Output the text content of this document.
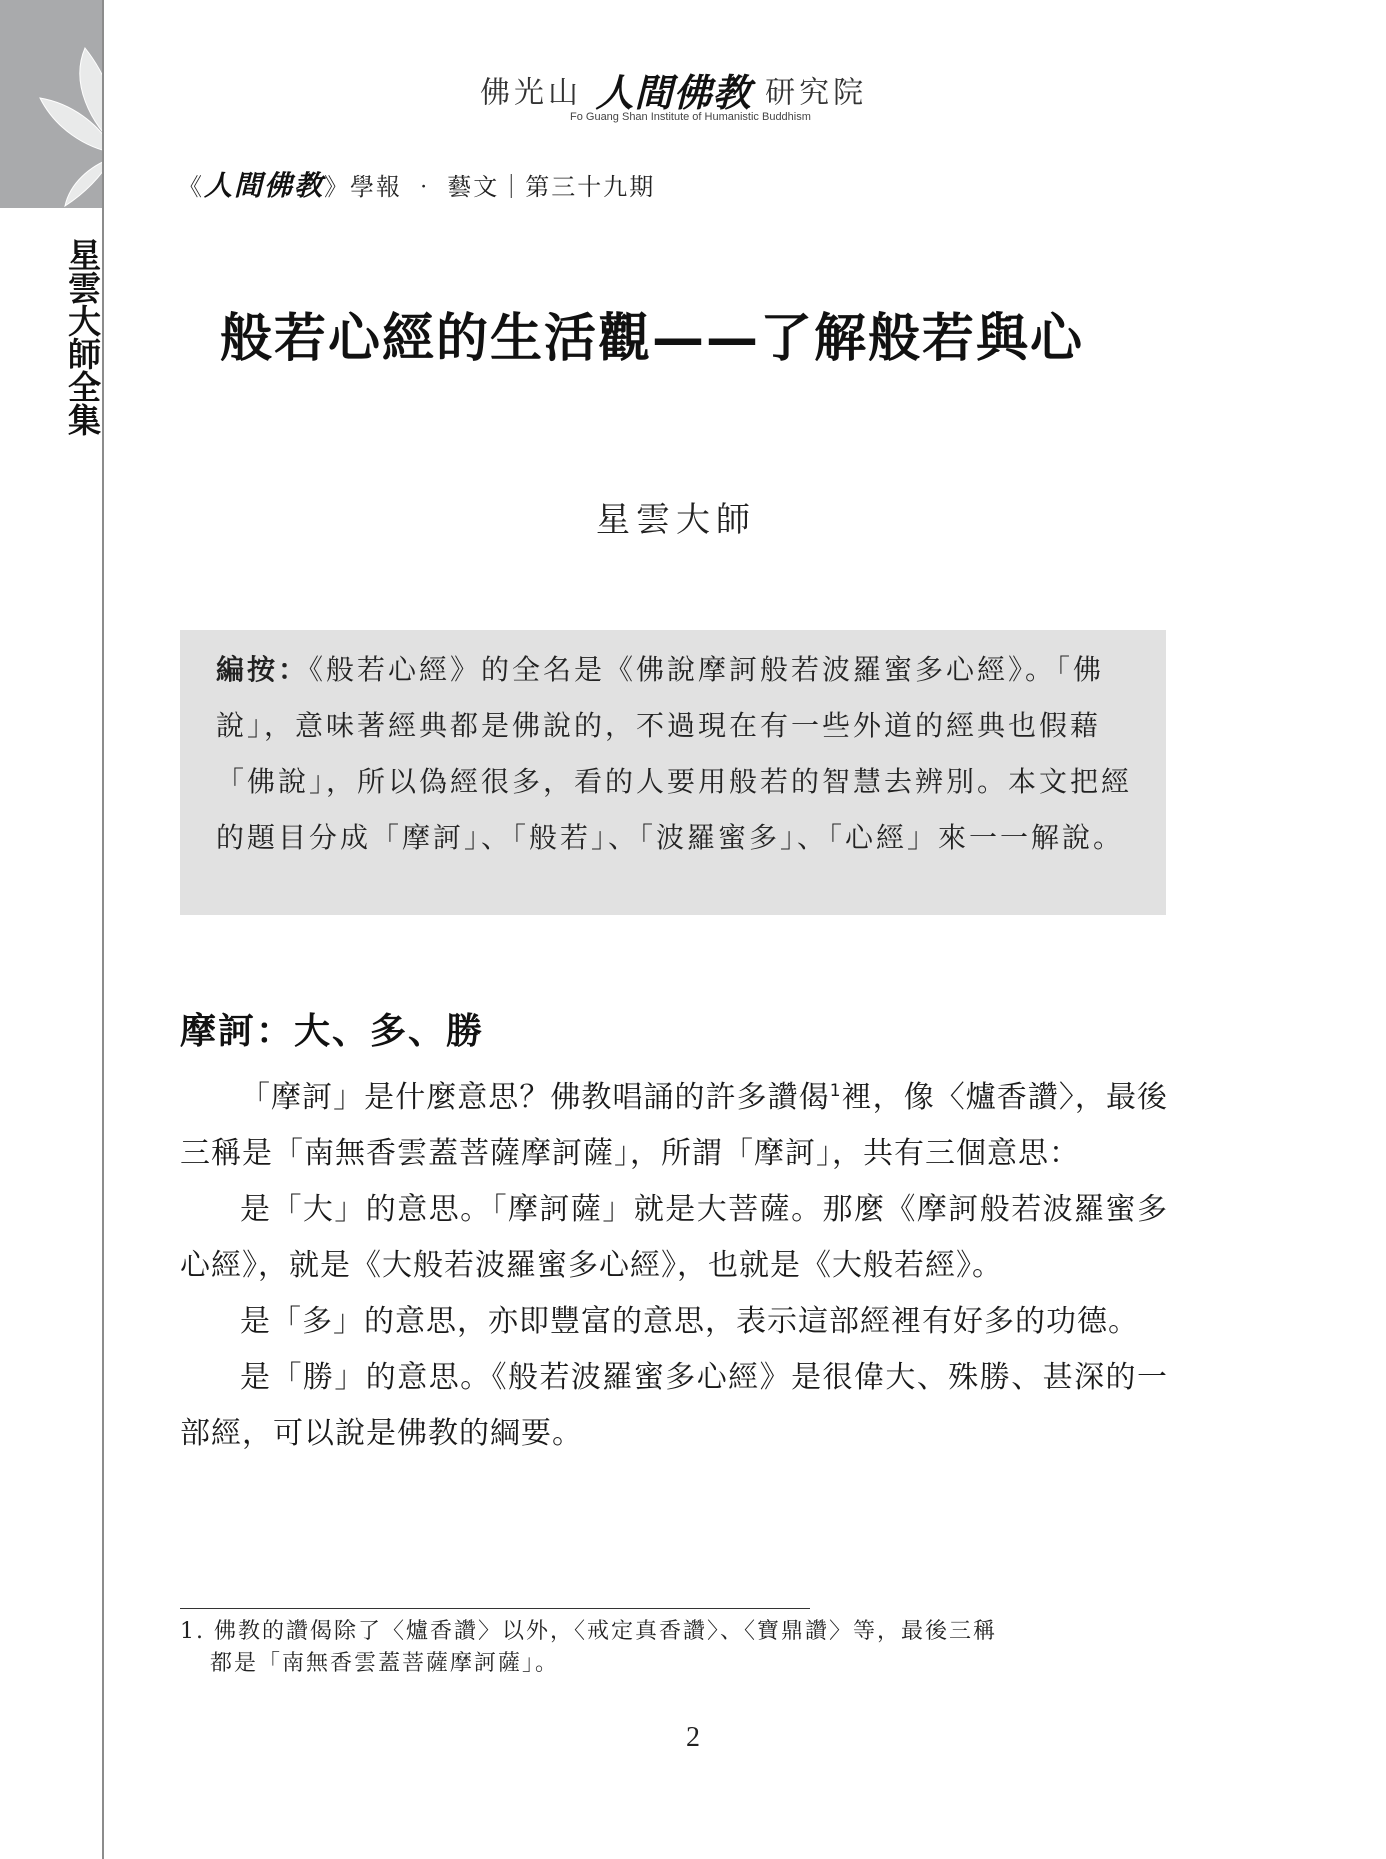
星雲大師全集
佛光山 人間佛教 研究院
Fo Guang Shan Institute of Humanistic Buddhism
《人間佛教》學報 ‧ 藝文｜第三十九期
般若心經的生活觀——了解般若與心
星雲大師
編按：《般若心經》的全名是《佛說摩訶般若波羅蜜多心經》。「佛說」，意味著經典都是佛說的，不過現在有一些外道的經典也假藉「佛說」，所以偽經很多，看的人要用般若的智慧去辨別。本文把經的題目分成「摩訶」、「般若」、「波羅蜜多」、「心經」來一一解說。
摩訶：大、多、勝

「摩訶」是什麼意思？佛教唱誦的許多讚偈$^1$裡，像〈爐香讚〉，最後三稱是「南無香雲蓋菩薩摩訶薩」，所謂「摩訶」，共有三個意思：

是「大」的意思。「摩訶薩」就是大菩薩。那麼《摩訶般若波羅蜜多心經》，就是《大般若波羅蜜多心經》，也就是《大般若經》。

是「多」的意思，亦即豐富的意思，表示這部經裡有好多的功德。

是「勝」的意思。《般若波羅蜜多心經》是很偉大、殊勝、甚深的一部經，可以說是佛教的綱要。

1. 佛教的讚偈除了〈爐香讚〉以外，〈戒定真香讚〉、〈寶鼎讚〉等，最後三稱
都是「南無香雲蓋菩薩摩訶薩」。
2
